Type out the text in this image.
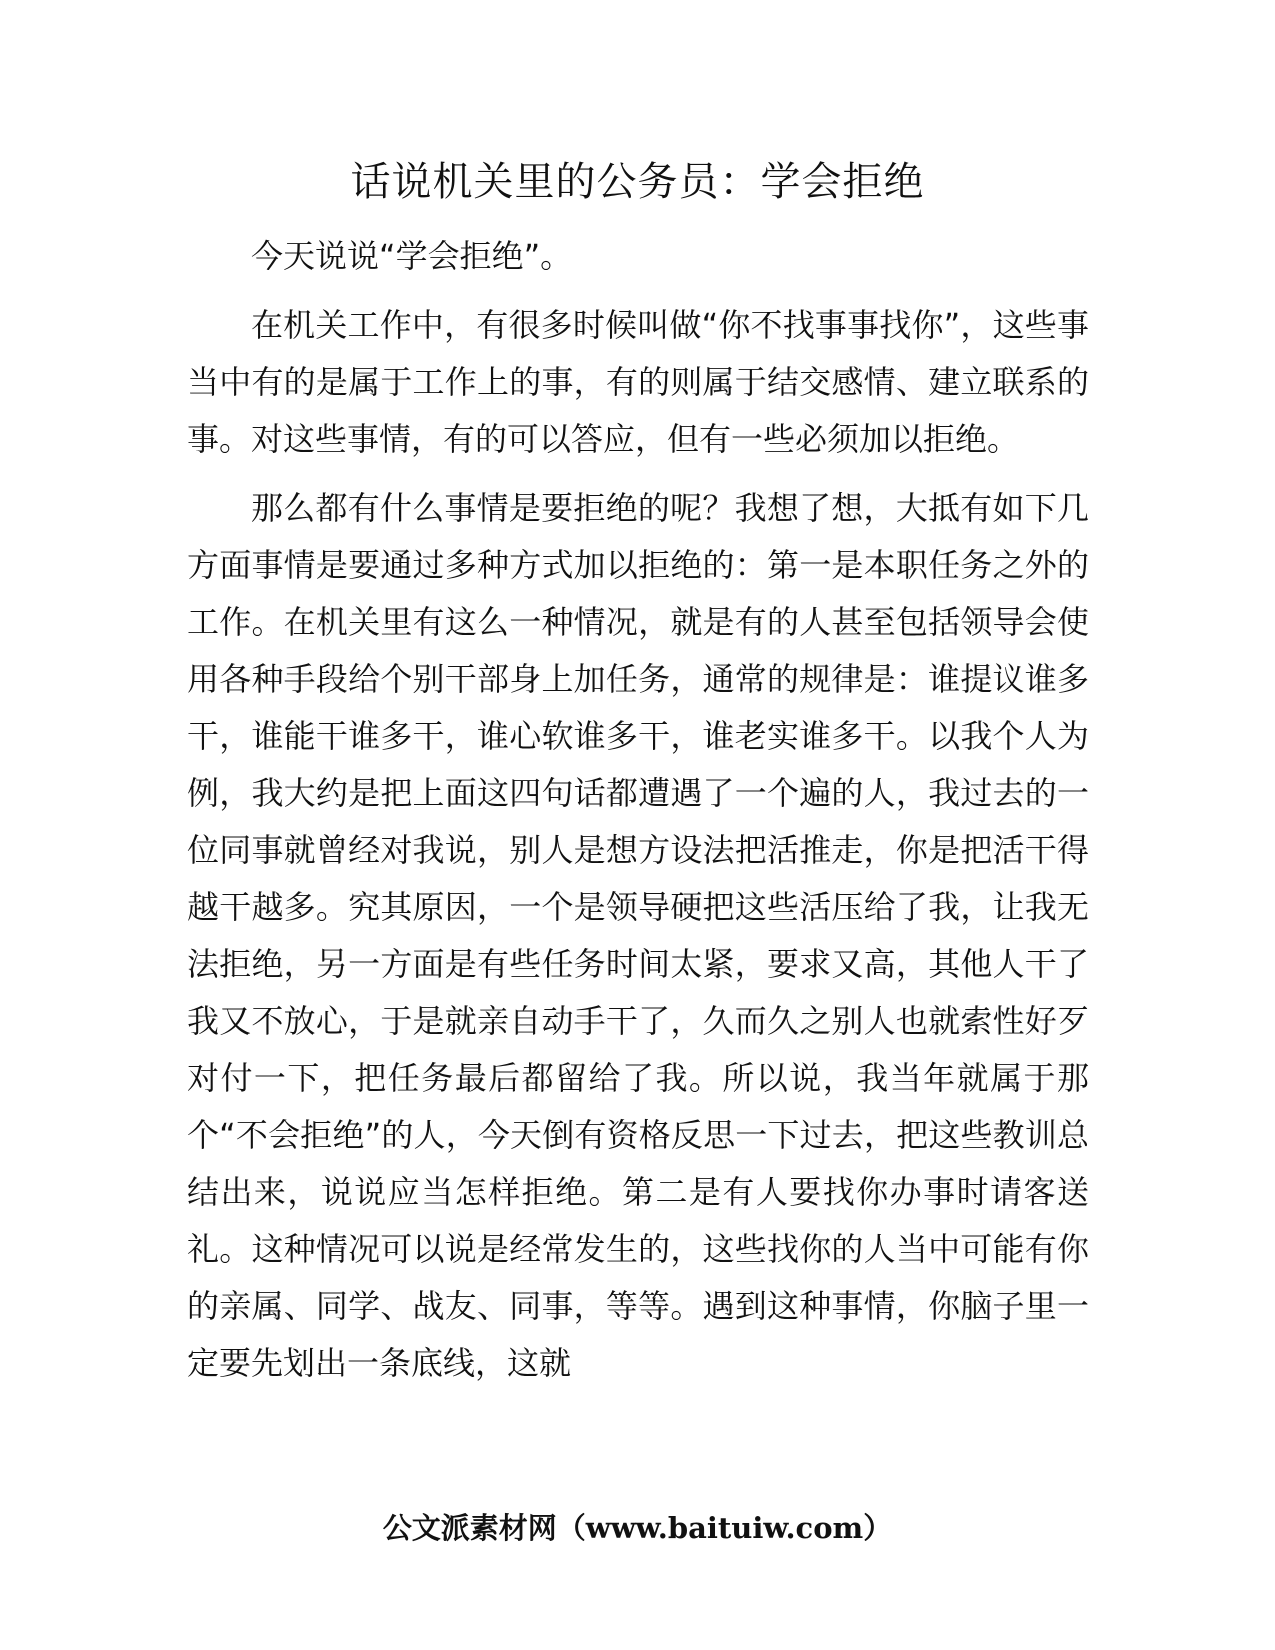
话说机关里的公务员：学会拒绝

今天说说“学会拒绝”。

在机关工作中，有很多时候叫做“你不找事事找你”，这些事当中有的是属于工作上的事，有的则属于结交感情、建立联系的事。对这些事情，有的可以答应，但有一些必须加以拒绝。

那么都有什么事情是要拒绝的呢？我想了想，大抵有如下几方面事情是要通过多种方式加以拒绝的：第一是本职任务之外的工作。在机关里有这么一种情况，就是有的人甚至包括领导会使用各种手段给个别干部身上加任务，通常的规律是：谁提议谁多干，谁能干谁多干，谁心软谁多干，谁老实谁多干。以我个人为例，我大约是把上面这四句话都遭遇了一个遍的人，我过去的一位同事就曾经对我说，别人是想方设法把活推走，你是把活干得越干越多。究其原因，一个是领导硬把这些活压给了我，让我无法拒绝，另一方面是有些任务时间太紧，要求又高，其他人干了我又不放心，于是就亲自动手干了，久而久之别人也就索性好歹对付一下，把任务最后都留给了我。所以说，我当年就属于那个“不会拒绝”的人，今天倒有资格反思一下过去，把这些教训总结出来，说说应当怎样拒绝。第二是有人要找你办事时请客送礼。这种情况可以说是经常发生的，这些找你的人当中可能有你的亲属、同学、战友、同事，等等。遇到这种事情，你脑子里一定要先划出一条底线，这就

公文派素材网（www.baituiw.com）
